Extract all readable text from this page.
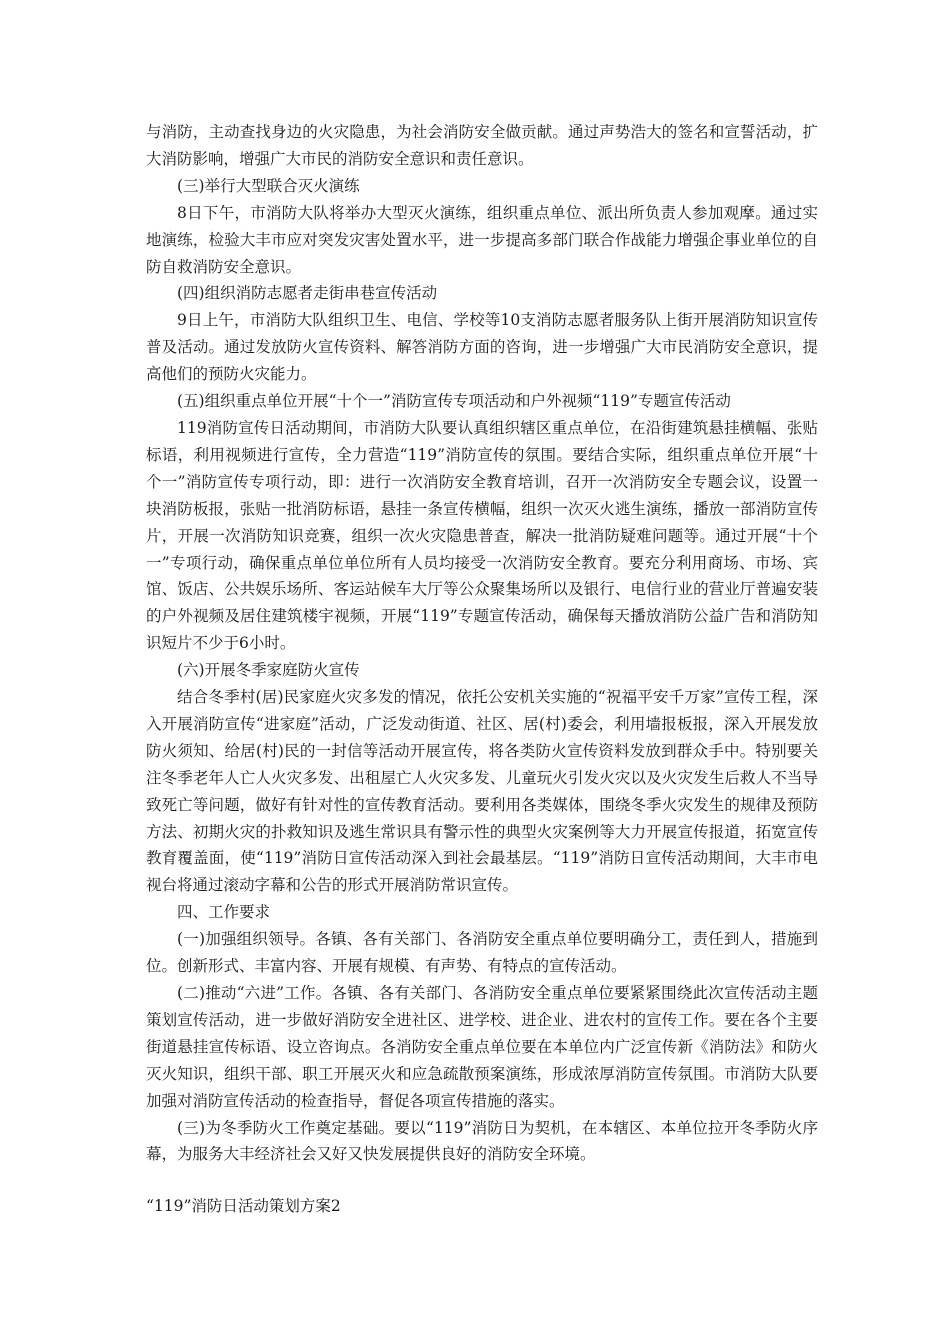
与消防，主动查找身边的火灾隐患，为社会消防安全做贡献。通过声势浩大的签名和宣誓活动，扩大消防影响，增强广大市民的消防安全意识和责任意识。

(三)举行大型联合灭火演练

8日下午，市消防大队将举办大型灭火演练，组织重点单位、派出所负责人参加观摩。通过实地演练，检验大丰市应对突发灾害处置水平，进一步提高多部门联合作战能力增强企事业单位的自防自救消防安全意识。

(四)组织消防志愿者走街串巷宣传活动

9日上午，市消防大队组织卫生、电信、学校等10支消防志愿者服务队上街开展消防知识宣传普及活动。通过发放防火宣传资料、解答消防方面的咨询，进一步增强广大市民消防安全意识，提高他们的预防火灾能力。

(五)组织重点单位开展“十个一”消防宣传专项活动和户外视频“119”专题宣传活动

119消防宣传日活动期间，市消防大队要认真组织辖区重点单位，在沿街建筑悬挂横幅、张贴标语，利用视频进行宣传，全力营造“119”消防宣传的氛围。要结合实际，组织重点单位开展“十个一”消防宣传专项行动，即：进行一次消防安全教育培训，召开一次消防安全专题会议，设置一块消防板报，张贴一批消防标语，悬挂一条宣传横幅，组织一次灭火逃生演练，播放一部消防宣传片，开展一次消防知识竞赛，组织一次火灾隐患普查，解决一批消防疑难问题等。通过开展“十个一”专项行动，确保重点单位单位所有人员均接受一次消防安全教育。要充分利用商场、市场、宾馆、饭店、公共娱乐场所、客运站候车大厅等公众聚集场所以及银行、电信行业的营业厅普遍安装的户外视频及居住建筑楼宇视频，开展“119”专题宣传活动，确保每天播放消防公益广告和消防知识短片不少于6小时。

(六)开展冬季家庭防火宣传

结合冬季村(居)民家庭火灾多发的情况，依托公安机关实施的“祝福平安千万家”宣传工程，深入开展消防宣传“进家庭”活动，广泛发动街道、社区、居(村)委会，利用墙报板报，深入开展发放防火须知、给居(村)民的一封信等活动开展宣传，将各类防火宣传资料发放到群众手中。特别要关注冬季老年人亡人火灾多发、出租屋亡人火灾多发、儿童玩火引发火灾以及火灾发生后救人不当导致死亡等问题，做好有针对性的宣传教育活动。要利用各类媒体，围绕冬季火灾发生的规律及预防方法、初期火灾的扑救知识及逃生常识具有警示性的典型火灾案例等大力开展宣传报道，拓宽宣传教育覆盖面，使“119”消防日宣传活动深入到社会最基层。“119”消防日宣传活动期间，大丰市电视台将通过滚动字幕和公告的形式开展消防常识宣传。

四、工作要求

(一)加强组织领导。各镇、各有关部门、各消防安全重点单位要明确分工，责任到人，措施到位。创新形式、丰富内容、开展有规模、有声势、有特点的宣传活动。

(二)推动“六进”工作。各镇、各有关部门、各消防安全重点单位要紧紧围绕此次宣传活动主题策划宣传活动，进一步做好消防安全进社区、进学校、进企业、进农村的宣传工作。要在各个主要街道悬挂宣传标语、设立咨询点。各消防安全重点单位要在本单位内广泛宣传新《消防法》和防火灭火知识，组织干部、职工开展灭火和应急疏散预案演练，形成浓厚消防宣传氛围。市消防大队要加强对消防宣传活动的检查指导，督促各项宣传措施的落实。

(三)为冬季防火工作奠定基础。要以“119”消防日为契机，在本辖区、本单位拉开冬季防火序幕，为服务大丰经济社会又好又快发展提供良好的消防安全环境。

“119”消防日活动策划方案2
